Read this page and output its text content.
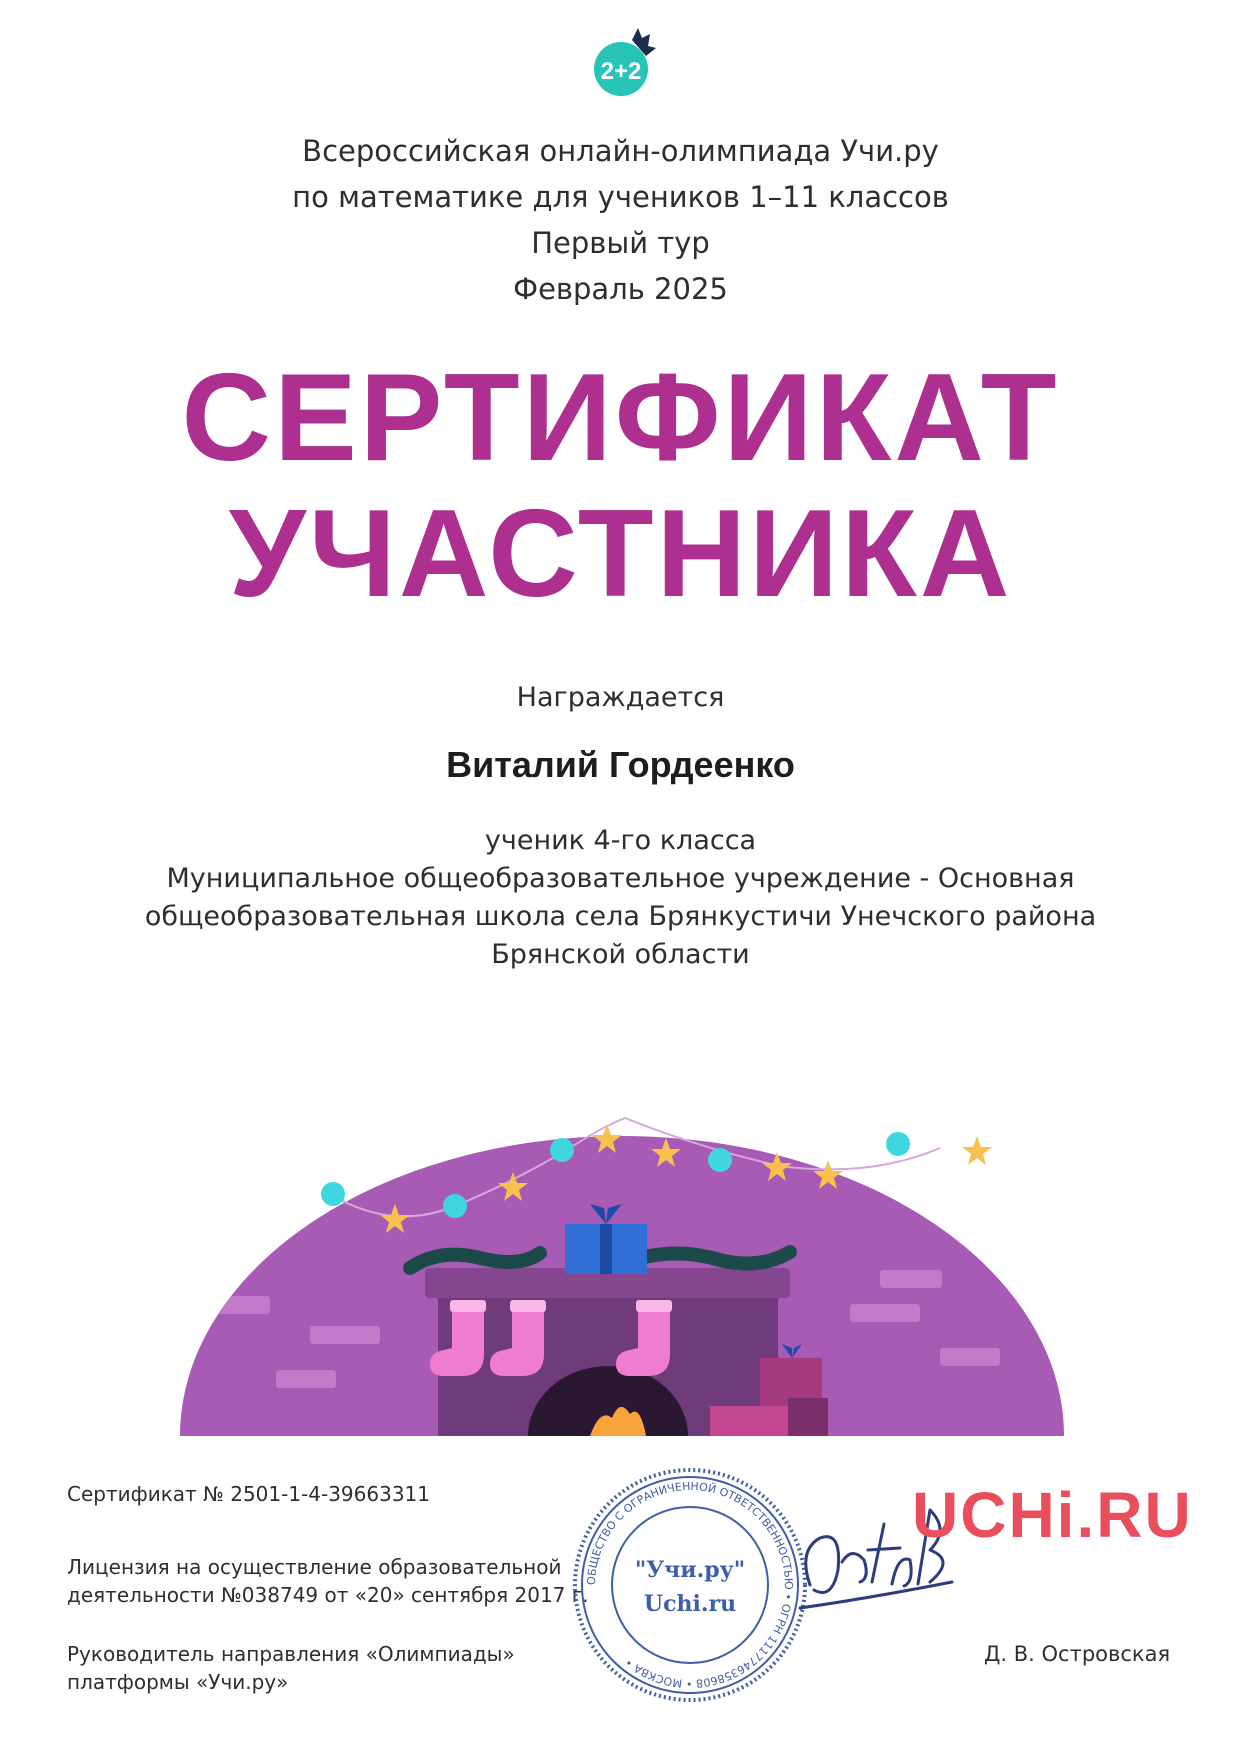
2+2
Всероссийская онлайн-олимпиада Учи.ру
по математике для учеников 1–11 классов
Первый тур
Февраль 2025
СЕРТИФИКАТ
УЧАСТНИКА
Награждается
Виталий Гордеенко
ученик 4-го класса
Муниципальное общеобразовательное учреждение - Основная
общеобразовательная школа села Брянкустичи Унечского района
Брянской области
Сертификат № 2501-1-4-39663311
Лицензия на осуществление образовательной
деятельности №038749 от «20» сентября 2017 г.
Руководитель направления «Олимпиады»
платформы «Учи.ру»
ОБЩЕСТВО С ОГРАНИЧЕННОЙ ОТВЕТСТВЕННОСТЬЮ • ОГРН 1117746358608 • МОСКВА •
"Учи.ру"
Uchi.ru
UCHi.RU
Д. В. Островская
